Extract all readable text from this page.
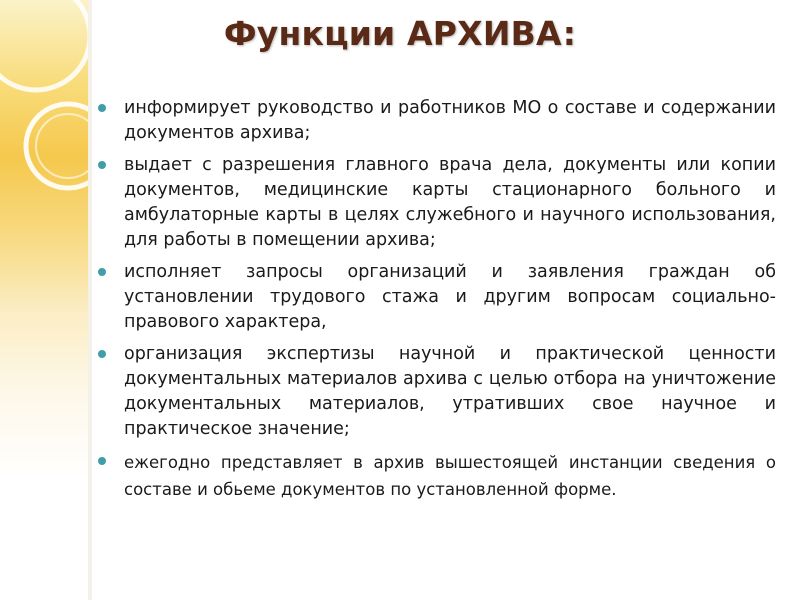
Функции АРХИВА:
информирует руководство и работников МО о составе и содержании документов архива;
выдает с разрешения главного врача дела, документы или копии документов, медицинские карты стационарного больного и амбулаторные карты в целях служебного и научного использования, для работы в помещении архива;
исполняет запросы организаций и заявления граждан об установлении трудового стажа и другим вопросам социально-правового характера,
организация экспертизы научной и практической ценности документальных материалов архива с целью отбора на уничтожение документальных материалов, утративших свое научное и практическое значение;
ежегодно представляет в архив вышестоящей инстанции сведения о составе и обьеме документов по установленной форме.
